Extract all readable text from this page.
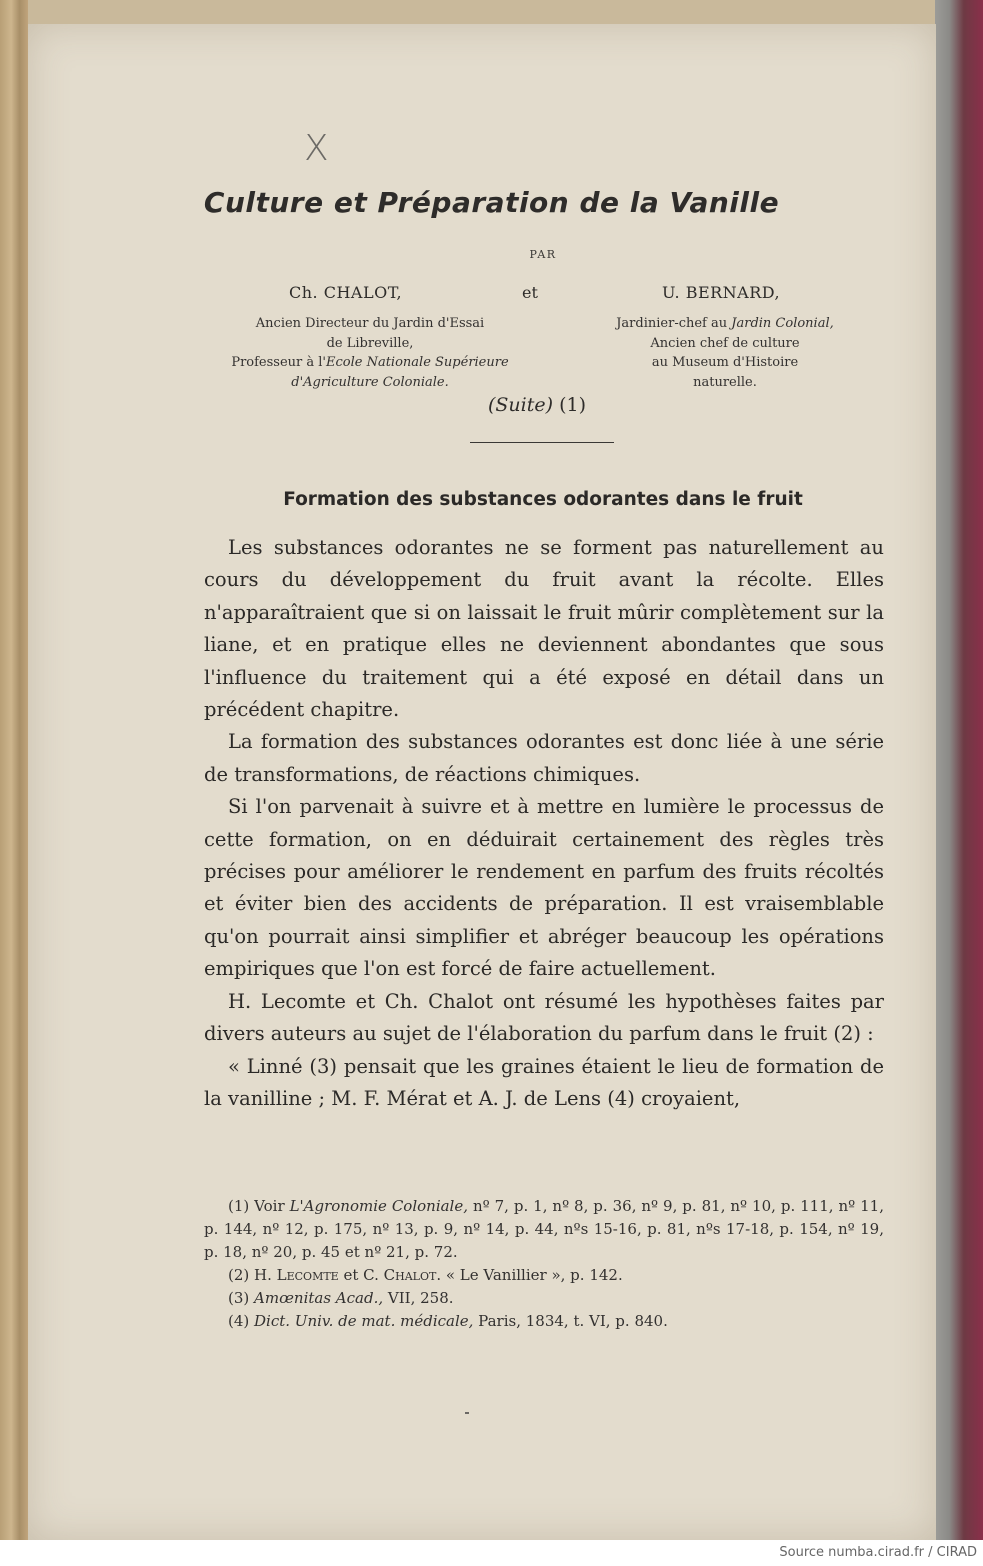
X
Culture et Préparation de la Vanille
PAR
Ch. CHALOT,	et	U. BERNARD,
Ancien Directeur du Jardin d'Essai
de Libreville,
Professeur à l'Ecole Nationale Supérieure
d'Agriculture Coloniale.
Jardinier-chef au Jardin Colonial,
Ancien chef de culture
au Museum d'Histoire
naturelle.
(Suite) (1)
Formation des substances odorantes dans le fruit

Les substances odorantes ne se forment pas naturellement au cours du développement du fruit avant la récolte. Elles n'apparaîtraient que si on laissait le fruit mûrir complètement sur la liane, et en pratique elles ne deviennent abondantes que sous l'influence du traitement qui a été exposé en détail dans un précédent chapitre.

La formation des substances odorantes est donc liée à une série de transformations, de réactions chimiques.

Si l'on parvenait à suivre et à mettre en lumière le processus de cette formation, on en déduirait certainement des règles très précises pour améliorer le rendement en parfum des fruits récoltés et éviter bien des accidents de préparation. Il est vraisemblable qu'on pourrait ainsi simplifier et abréger beaucoup les opérations empiriques que l'on est forcé de faire actuellement.

H. Lecomte et Ch. Chalot ont résumé les hypothèses faites par divers auteurs au sujet de l'élaboration du parfum dans le fruit (2) :

« Linné (3) pensait que les graines étaient le lieu de formation de la vanilline ; M. F. Mérat et A. J. de Lens (4) croyaient,

(1) Voir L'Agronomie Coloniale, nº 7, p. 1, nº 8, p. 36, nº 9, p. 81, nº 10, p. 111, nº 11, p. 144, nº 12, p. 175, nº 13, p. 9, nº 14, p. 44, nºs 15-16, p. 81, nºs 17-18, p. 154, nº 19, p. 18, nº 20, p. 45 et nº 21, p. 72.

(2) H. Lecomte et C. Chalot. « Le Vanillier », p. 142.

(3) Amœnitas Acad., VII, 258.

(4) Dict. Univ. de mat. médicale, Paris, 1834, t. VI, p. 840.

Source numba.cirad.fr / CIRAD
